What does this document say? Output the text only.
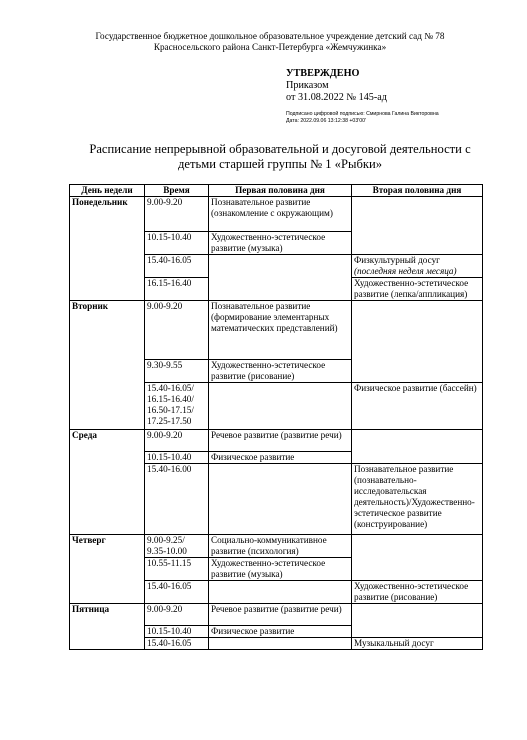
Государственное бюджетное дошкольное образовательное учреждение детский сад № 78
Красносельского района Санкт-Петербурга «Жемчужинка»
УТВЕРЖДЕНО
Приказом
от 31.08.2022 № 145-ад
Подписано цифровой подписью: Смирнова Галина Викторовна
Дата: 2022.09.06 13:12:38 +03'00'
Расписание непрерывной образовательной и досуговой деятельности с
детьми старшей группы № 1 «Рыбки»
День недели	Время	Первая половина дня	Вторая половина дня
Понедельник	9.00-9.20	Познавательное развитие (ознакомление с окружающим)	
	10.15-10.40	Художественно-эстетическое развитие (музыка)	
	15.40-16.05		Физкультурный досуг
(последняя неделя месяца)

	16.15-16.40		Художественно-эстетическое развитие (лепка/аппликация)
Вторник	9.00-9.20	Познавательное развитие (формирование элементарных математических представлений)	
	9.30-9.55	Художественно-эстетическое развитие (рисование)	
	15.40-16.05/ 16.15-16.40/ 16.50-17.15/ 17.25-17.50		Физическое развитие (бассейн)
Среда	9.00-9.20	Речевое развитие (развитие речи)	
	10.15-10.40	Физическое развитие	
	15.40-16.00		Познавательное развитие (познавательно-исследовательская деятельность)/Художественно-эстетическое развитие (конструирование)
Четверг	9.00-9.25/ 9.35-10.00	Социально-коммуникативное развитие (психология)	
	10.55-11.15	Художественно-эстетическое развитие (музыка)	
	15.40-16.05		Художественно-эстетическое развитие (рисование)
Пятница	9.00-9.20	Речевое развитие (развитие речи)	
	10.15-10.40	Физическое развитие	
	15.40-16.05		Музыкальный досуг
